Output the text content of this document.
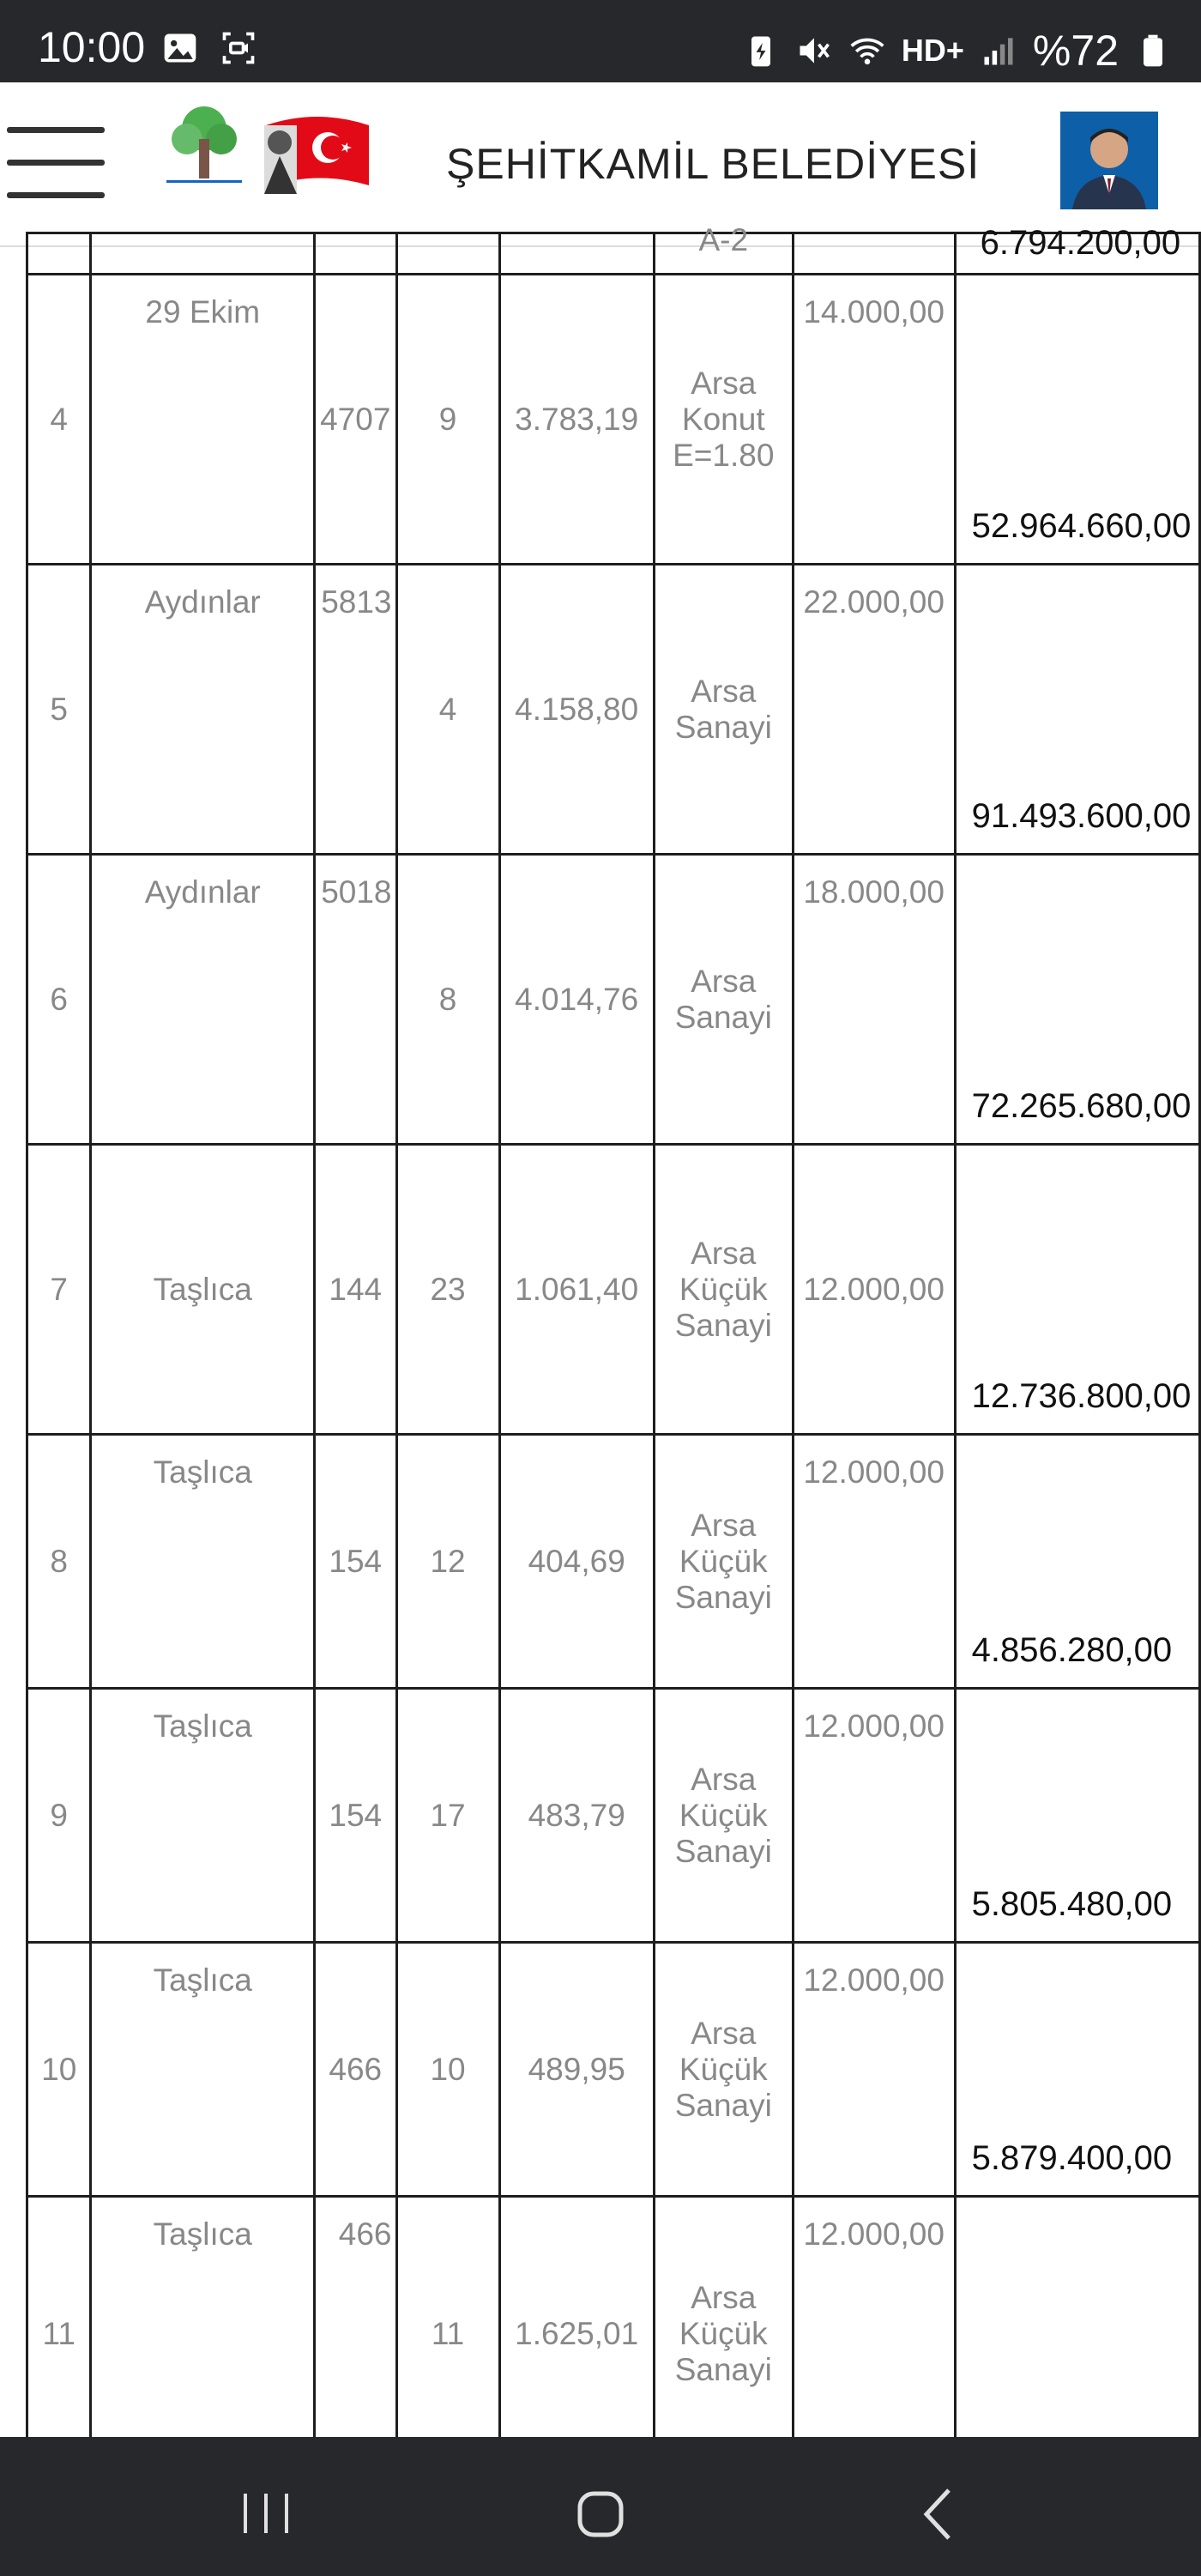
10:00	HD+ %72
ŞEHİTKAMİL BELEDİYESİ

					A-2		6.794.200,00

4	29 Ekim	4707	9	3.783,19	Arsa
Konut
E=1.80	14.000,00	52.964.660,00

5	Aydınlar	5813	4	4.158,80	Arsa
Sanayi	22.000,00	91.493.600,00

6	Aydınlar	5018	8	4.014,76	Arsa
Sanayi	18.000,00	72.265.680,00

7	Taşlıca	144	23	1.061,40	Arsa
Küçük
Sanayi	12.000,00	12.736.800,00

8	Taşlıca	154	12	404,69	Arsa
Küçük
Sanayi	12.000,00	4.856.280,00

9	Taşlıca	154	17	483,79	Arsa
Küçük
Sanayi	12.000,00	5.805.480,00

10	Taşlıca	466	10	489,95	Arsa
Küçük
Sanayi	12.000,00	5.879.400,00

11	Taşlıca	466	11	1.625,01	Arsa
Küçük
Sanayi	12.000,00	
